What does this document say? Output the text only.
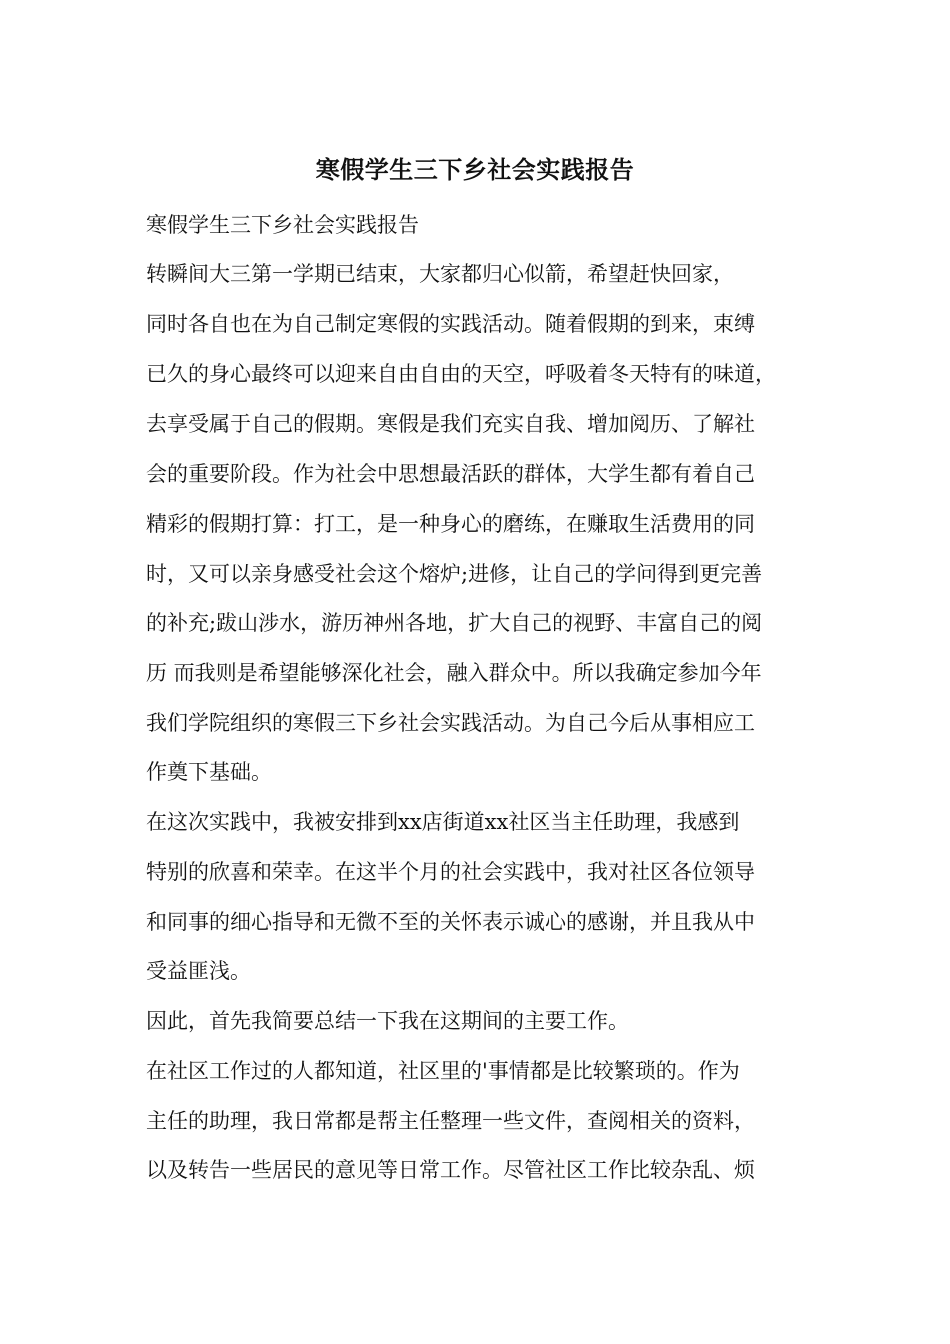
寒假学生三下乡社会实践报告
寒假学生三下乡社会实践报告
转瞬间大三第一学期已结束，大家都归心似箭，希望赶快回家，
同时各自也在为自己制定寒假的实践活动。随着假期的到来，束缚
已久的身心最终可以迎来自由自由的天空，呼吸着冬天特有的味道，
去享受属于自己的假期。寒假是我们充实自我、增加阅历、了解社
会的重要阶段。作为社会中思想最活跃的群体，大学生都有着自己
精彩的假期打算：打工，是一种身心的磨练，在赚取生活费用的同
时，又可以亲身感受社会这个熔炉;进修，让自己的学问得到更完善
的补充;跋山涉水，游历神州各地，扩大自己的视野、丰富自己的阅
历 而我则是希望能够深化社会，融入群众中。所以我确定参加今年
我们学院组织的寒假三下乡社会实践活动。为自己今后从事相应工
作奠下基础。
在这次实践中，我被安排到xx店街道xx社区当主任助理，我感到
特别的欣喜和荣幸。在这半个月的社会实践中，我对社区各位领导
和同事的细心指导和无微不至的关怀表示诚心的感谢，并且我从中
受益匪浅。
因此，首先我简要总结一下我在这期间的主要工作。
在社区工作过的人都知道，社区里的'事情都是比较繁琐的。作为
主任的助理，我日常都是帮主任整理一些文件，查阅相关的资料，
以及转告一些居民的意见等日常工作。尽管社区工作比较杂乱、烦
